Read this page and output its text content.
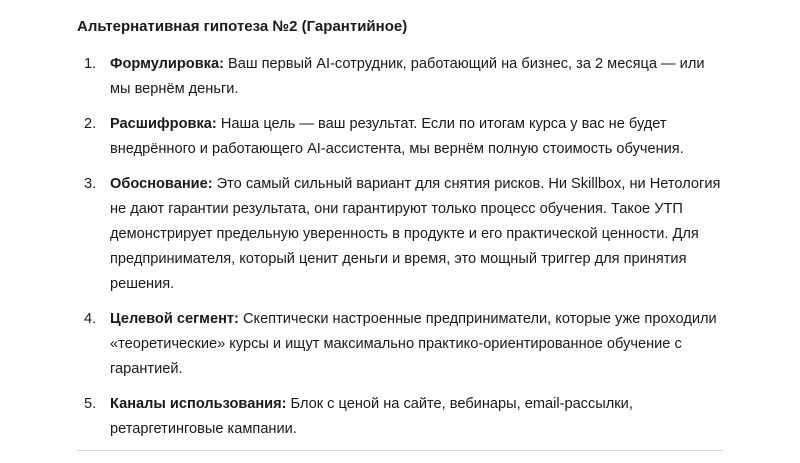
Альтернативная гипотеза №2 (Гарантийное)
1. Формулировка: Ваш первый AI-сотрудник, работающий на бизнес, за 2 месяца — или мы вернём деньги.
2. Расшифровка: Наша цель — ваш результат. Если по итогам курса у вас не будет внедрённого и работающего AI-ассистента, мы вернём полную стоимость обучения.
3. Обоснование: Это самый сильный вариант для снятия рисков. Ни Skillbox, ни Нетология не дают гарантии результата, они гарантируют только процесс обучения. Такое УТП демонстрирует предельную уверенность в продукте и его практической ценности. Для предпринимателя, который ценит деньги и время, это мощный триггер для принятия решения.
4. Целевой сегмент: Скептически настроенные предприниматели, которые уже проходили «теоретические» курсы и ищут максимально практико-ориентированное обучение с гарантией.
5. Каналы использования: Блок с ценой на сайте, вебинары, email-рассылки, ретаргетинговые кампании.
